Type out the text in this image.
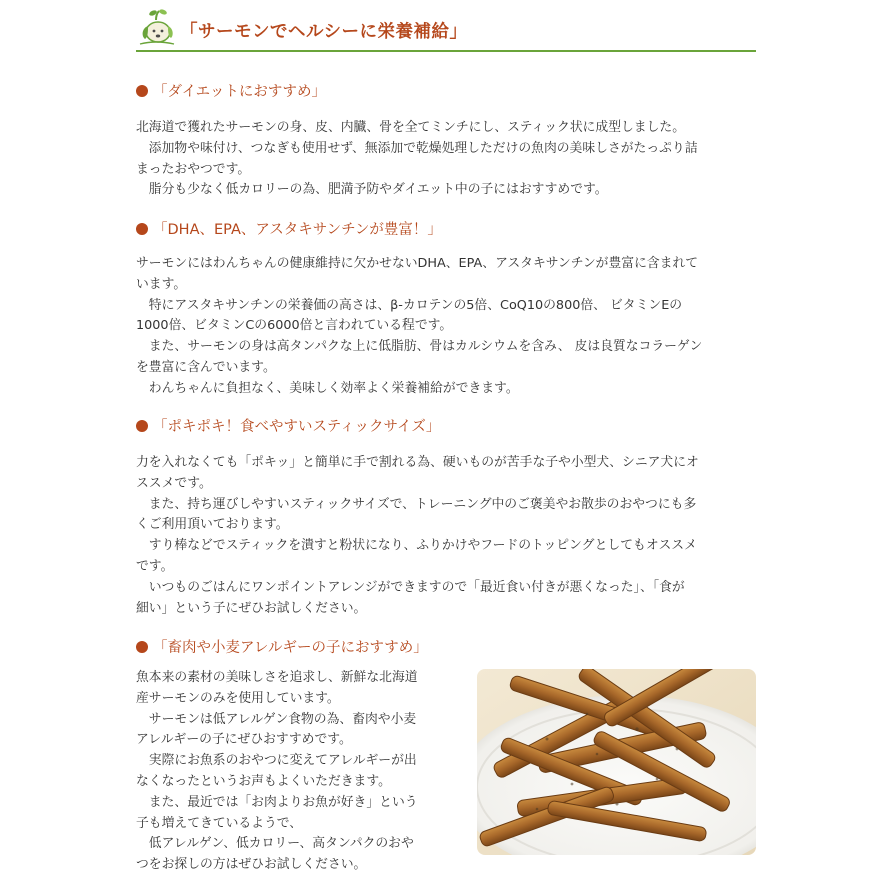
「サーモンでヘルシーに栄養補給」
「ダイエットにおすすめ」
北海道で獲れたサーモンの身、皮、内臓、骨を全てミンチにし、スティック状に成型しました。
　添加物や味付け、つなぎも使用せず、無添加で乾燥処理しただけの魚肉の美味しさがたっぷり詰
まったおやつです。
　脂分も少なく低カロリーの為、肥満予防やダイエット中の子にはおすすめです。
「DHA、EPA、アスタキサンチンが豊富！」
サーモンにはわんちゃんの健康維持に欠かせないDHA、EPA、アスタキサンチンが豊富に含まれて
います。
　特にアスタキサンチンの栄養価の高さは、β-カロテンの5倍、CoQ10の800倍、 ビタミンEの
1000倍、ビタミンCの6000倍と言われている程です。
　また、サーモンの身は高タンパクな上に低脂肪、骨はカルシウムを含み、 皮は良質なコラーゲン
を豊富に含んでいます。
　わんちゃんに負担なく、美味しく効率よく栄養補給ができます。
「ポキポキ！食べやすいスティックサイズ」
力を入れなくても「ポキッ」と簡単に手で割れる為、硬いものが苦手な子や小型犬、シニア犬にオ
ススメです。
　また、持ち運びしやすいスティックサイズで、トレーニング中のご褒美やお散歩のおやつにも多
くご利用頂いております。
　すり棒などでスティックを潰すと粉状になり、ふりかけやフードのトッピングとしてもオススメ
です。
　いつものごはんにワンポイントアレンジができますので「最近食い付きが悪くなった」、「食が
細い」という子にぜひお試しください。
「畜肉や小麦アレルギーの子におすすめ」
魚本来の素材の美味しさを追求し、新鮮な北海道
産サーモンのみを使用しています。
　サーモンは低アレルゲン食物の為、畜肉や小麦
アレルギーの子にぜひおすすめです。
　実際にお魚系のおやつに変えてアレルギーが出
なくなったというお声もよくいただきます。
　また、最近では「お肉よりお魚が好き」という
子も増えてきているようで、
　低アレルゲン、低カロリー、高タンパクのおや
つをお探しの方はぜひお試しください。
